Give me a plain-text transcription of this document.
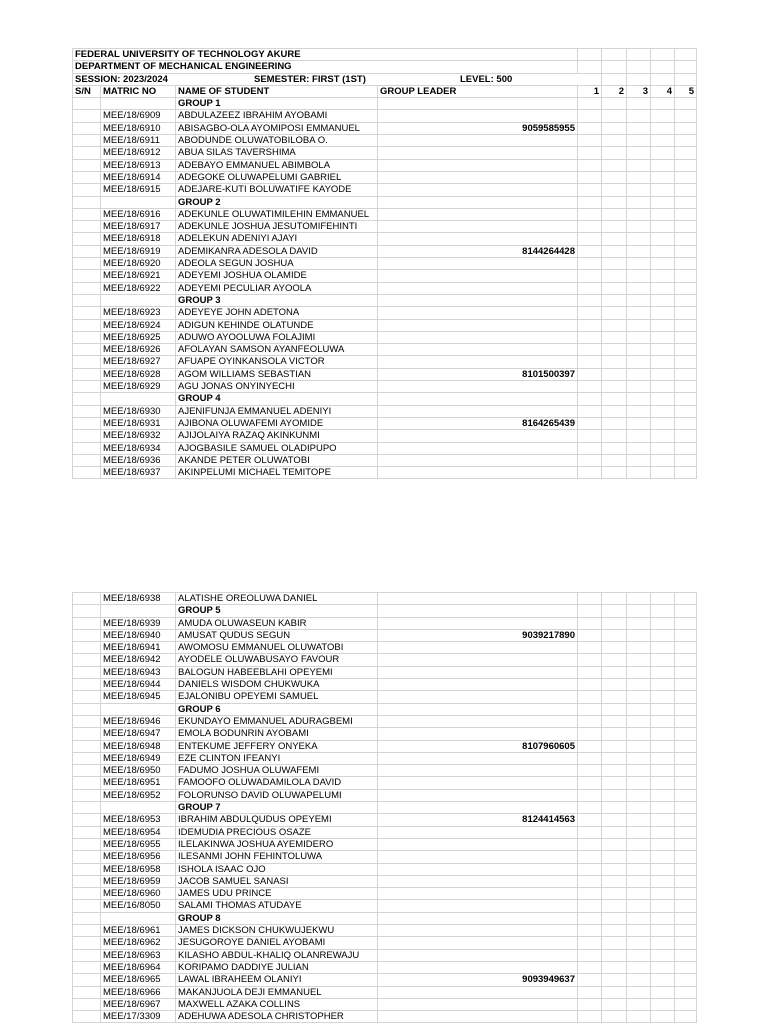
FEDERAL UNIVERSITY OF TECHNOLOGY AKURE								
DEPARTMENT OF MECHANICAL ENGINEERING								
SESSION: 2023/2024		SEMESTER: FIRST (1ST)	LEVEL: 500					
S/N	MATRIC NO	NAME OF STUDENT	GROUP LEADER	1	2	3	4	5
		GROUP 1						
	MEE/18/6909	ABDULAZEEZ IBRAHIM AYOBAMI						
	MEE/18/6910	ABISAGBO-OLA AYOMIPOSI EMMANUEL	9059585955					
	MEE/18/6911	ABODUNDE OLUWATOBILOBA O.						
	MEE/18/6912	ABUA SILAS TAVERSHIMA						
	MEE/18/6913	ADEBAYO EMMANUEL ABIMBOLA						
	MEE/18/6914	ADEGOKE OLUWAPELUMI GABRIEL						
	MEE/18/6915	ADEJARE-KUTI BOLUWATIFE KAYODE						
		GROUP 2						
	MEE/18/6916	ADEKUNLE OLUWATIMILEHIN EMMANUEL						
	MEE/18/6917	ADEKUNLE JOSHUA JESUTOMIFEHINTI						
	MEE/18/6918	ADELEKUN ADENIYI AJAYI						
	MEE/18/6919	ADEMIKANRA ADESOLA DAVID	8144264428					
	MEE/18/6920	ADEOLA SEGUN JOSHUA						
	MEE/18/6921	ADEYEMI JOSHUA OLAMIDE						
	MEE/18/6922	ADEYEMI PECULIAR AYOOLA						
		GROUP 3						
	MEE/18/6923	ADEYEYE JOHN ADETONA						
	MEE/18/6924	ADIGUN KEHINDE OLATUNDE						
	MEE/18/6925	ADUWO AYOOLUWA FOLAJIMI						
	MEE/18/6926	AFOLAYAN SAMSON AYANFEOLUWA						
	MEE/18/6927	AFUAPE OYINKANSOLA VICTOR						
	MEE/18/6928	AGOM WILLIAMS SEBASTIAN	8101500397					
	MEE/18/6929	AGU JONAS ONYINYECHI						
		GROUP 4						
	MEE/18/6930	AJENIFUNJA EMMANUEL ADENIYI						
	MEE/18/6931	AJIBONA OLUWAFEMI AYOMIDE	8164265439					
	MEE/18/6932	AJIJOLAIYA RAZAQ AKINKUNMI						
	MEE/18/6934	AJOGBASILE SAMUEL OLADIPUPO						
	MEE/18/6936	AKANDE PETER OLUWATOBI						
	MEE/18/6937	AKINPELUMI MICHAEL TEMITOPE						
	MEE/18/6938	ALATISHE OREOLUWA DANIEL						
		GROUP 5						
	MEE/18/6939	AMUDA OLUWASEUN KABIR						
	MEE/18/6940	AMUSAT QUDUS SEGUN	9039217890					
	MEE/18/6941	AWOMOSU EMMANUEL OLUWATOBI						
	MEE/18/6942	AYODELE OLUWABUSAYO FAVOUR						
	MEE/18/6943	BALOGUN HABEEBLAHI OPEYEMI						
	MEE/18/6944	DANIELS WISDOM CHUKWUKA						
	MEE/18/6945	EJALONIBU OPEYEMI SAMUEL						
		GROUP 6						
	MEE/18/6946	EKUNDAYO EMMANUEL ADURAGBEMI						
	MEE/18/6947	EMOLA BODUNRIN AYOBAMI						
	MEE/18/6948	ENTEKUME JEFFERY ONYEKA	8107960605					
	MEE/18/6949	EZE CLINTON IFEANYI						
	MEE/18/6950	FADUMO JOSHUA OLUWAFEMI						
	MEE/18/6951	FAMOOFO OLUWADAMILOLA DAVID						
	MEE/18/6952	FOLORUNSO DAVID OLUWAPELUMI						
		GROUP 7						
	MEE/18/6953	IBRAHIM ABDULQUDUS OPEYEMI	8124414563					
	MEE/18/6954	IDEMUDIA PRECIOUS OSAZE						
	MEE/18/6955	ILELAKINWA JOSHUA AYEMIDERO						
	MEE/18/6956	ILESANMI JOHN FEHINTOLUWA						
	MEE/18/6958	ISHOLA ISAAC OJO						
	MEE/18/6959	JACOB SAMUEL SANASI						
	MEE/18/6960	JAMES UDU PRINCE						
	MEE/16/8050	SALAMI THOMAS ATUDAYE						
		GROUP 8						
	MEE/18/6961	JAMES DICKSON CHUKWUJEKWU						
	MEE/18/6962	JESUGOROYE DANIEL AYOBAMI						
	MEE/18/6963	KILASHO ABDUL-KHALIQ OLANREWAJU						
	MEE/18/6964	KORIPAMO DADDIYE JULIAN						
	MEE/18/6965	LAWAL IBRAHEEM OLANIYI	9093949637					
	MEE/18/6966	MAKANJUOLA DEJI EMMANUEL						
	MEE/18/6967	MAXWELL AZAKA COLLINS						
	MEE/17/3309	ADEHUWA ADESOLA CHRISTOPHER						
